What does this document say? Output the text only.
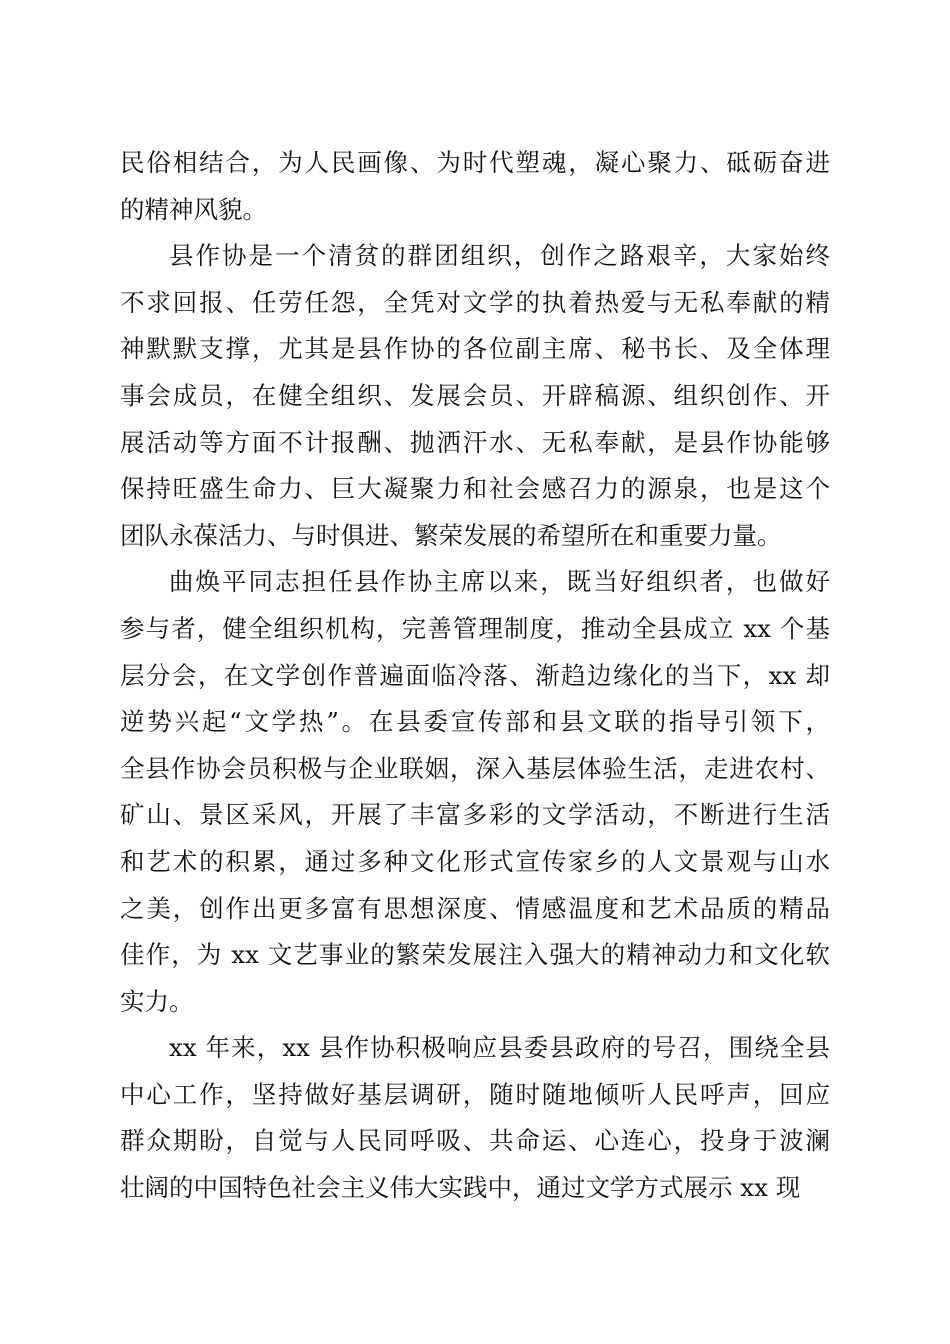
民俗相结合，为人民画像、为时代塑魂，凝心聚力、砥砺奋进
的精神风貌。
县作协是一个清贫的群团组织，创作之路艰辛，大家始终
不求回报、任劳任怨，全凭对文学的执着热爱与无私奉献的精
神默默支撑，尤其是县作协的各位副主席、秘书长、及全体理
事会成员，在健全组织、发展会员、开辟稿源、组织创作、开
展活动等方面不计报酬、抛洒汗水、无私奉献，是县作协能够
保持旺盛生命力、巨大凝聚力和社会感召力的源泉，也是这个
团队永葆活力、与时俱进、繁荣发展的希望所在和重要力量。
曲焕平同志担任县作协主席以来，既当好组织者，也做好
参与者，健全组织机构，完善管理制度，推动全县成立 xx 个基
层分会，在文学创作普遍面临冷落、渐趋边缘化的当下，xx 却
逆势兴起“文学热”。在县委宣传部和县文联的指导引领下，
全县作协会员积极与企业联姻，深入基层体验生活，走进农村、
矿山、景区采风，开展了丰富多彩的文学活动，不断进行生活
和艺术的积累，通过多种文化形式宣传家乡的人文景观与山水
之美，创作出更多富有思想深度、情感温度和艺术品质的精品
佳作，为 xx 文艺事业的繁荣发展注入强大的精神动力和文化软
实力。
xx 年来，xx 县作协积极响应县委县政府的号召，围绕全县
中心工作，坚持做好基层调研，随时随地倾听人民呼声，回应
群众期盼，自觉与人民同呼吸、共命运、心连心，投身于波澜
壮阔的中国特色社会主义伟大实践中，通过文学方式展示 xx 现
